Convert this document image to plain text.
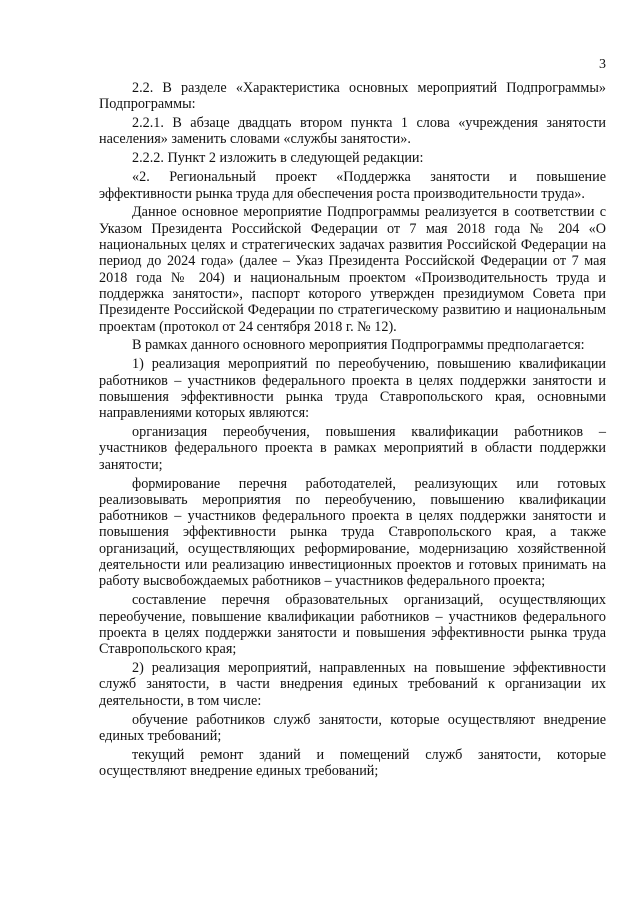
3

2.2. В разделе «Характеристика основных мероприятий Подпрограммы» Подпрограммы:

2.2.1. В абзаце двадцать втором пункта 1 слова «учреждения занятости населения» заменить словами «службы занятости».

2.2.2. Пункт 2 изложить в следующей редакции:

«2. Региональный проект «Поддержка занятости и повышение эффективности рынка труда для обеспечения роста производительности труда».

Данное основное мероприятие Подпрограммы реализуется в соответствии с Указом Президента Российской Федерации от 7 мая 2018 года № 204 «О национальных целях и стратегических задачах развития Российской Федерации на период до 2024 года» (далее – Указ Президента Российской Федерации от 7 мая 2018 года № 204) и национальным проектом «Производительность труда и поддержка занятости», паспорт которого утвержден президиумом Совета при Президенте Российской Федерации по стратегическому развитию и национальным проектам (протокол от 24 сентября 2018 г. № 12).

В рамках данного основного мероприятия Подпрограммы предполагается:

1) реализация мероприятий по переобучению, повышению квалификации работников – участников федерального проекта в целях поддержки занятости и повышения эффективности рынка труда Ставропольского края, основными направлениями которых являются:

организация переобучения, повышения квалификации работников – участников федерального проекта в рамках мероприятий в области поддержки занятости;

формирование перечня работодателей, реализующих или готовых реализовывать мероприятия по переобучению, повышению квалификации работников – участников федерального проекта в целях поддержки занятости и повышения эффективности рынка труда Ставропольского края, а также организаций, осуществляющих реформирование, модернизацию хозяйственной деятельности или реализацию инвестиционных проектов и готовых принимать на работу высвобождаемых работников – участников федерального проекта;

составление перечня образовательных организаций, осуществляющих переобучение, повышение квалификации работников – участников федерального проекта в целях поддержки занятости и повышения эффективности рынка труда Ставропольского края;

2) реализация мероприятий, направленных на повышение эффективности служб занятости, в части внедрения единых требований к организации их деятельности, в том числе:

обучение работников служб занятости, которые осуществляют внедрение единых требований;

текущий ремонт зданий и помещений служб занятости, которые осуществляют внедрение единых требований;
